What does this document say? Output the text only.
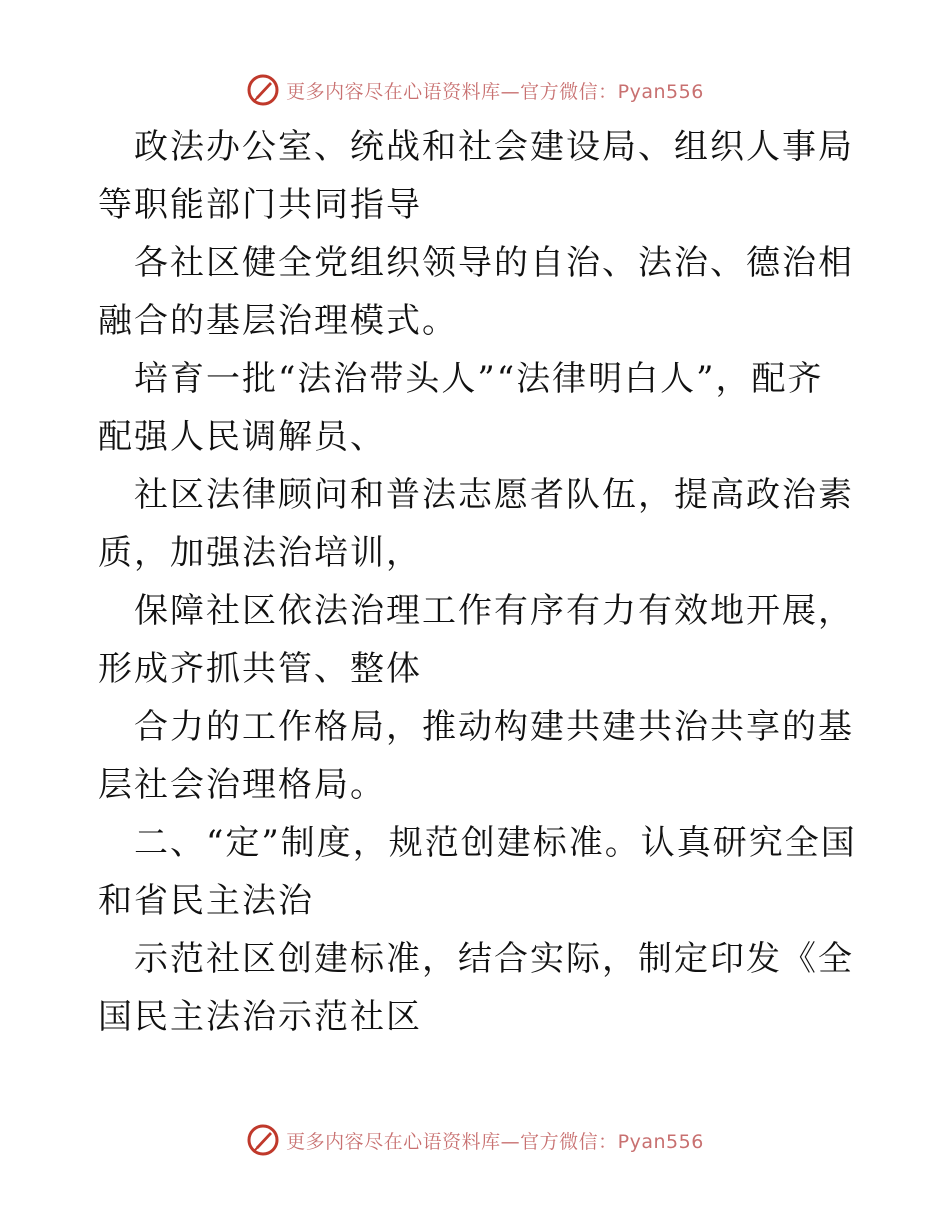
更多内容尽在心语资料库—官方微信：Pyan556

政法办公室、统战和社会建设局、组织人事局等职能部门共同指导

各社区健全党组织领导的自治、法治、德治相融合的基层治理模式。

培育一批“法治带头人”“法律明白人”，配齐配强人民调解员、

社区法律顾问和普法志愿者队伍，提高政治素质，加强法治培训，

保障社区依法治理工作有序有力有效地开展，形成齐抓共管、整体

合力的工作格局，推动构建共建共治共享的基层社会治理格局。

二、“定”制度，规范创建标准。认真研究全国和省民主法治

示范社区创建标准，结合实际，制定印发《全国民主法治示范社区

更多内容尽在心语资料库—官方微信：Pyan556
